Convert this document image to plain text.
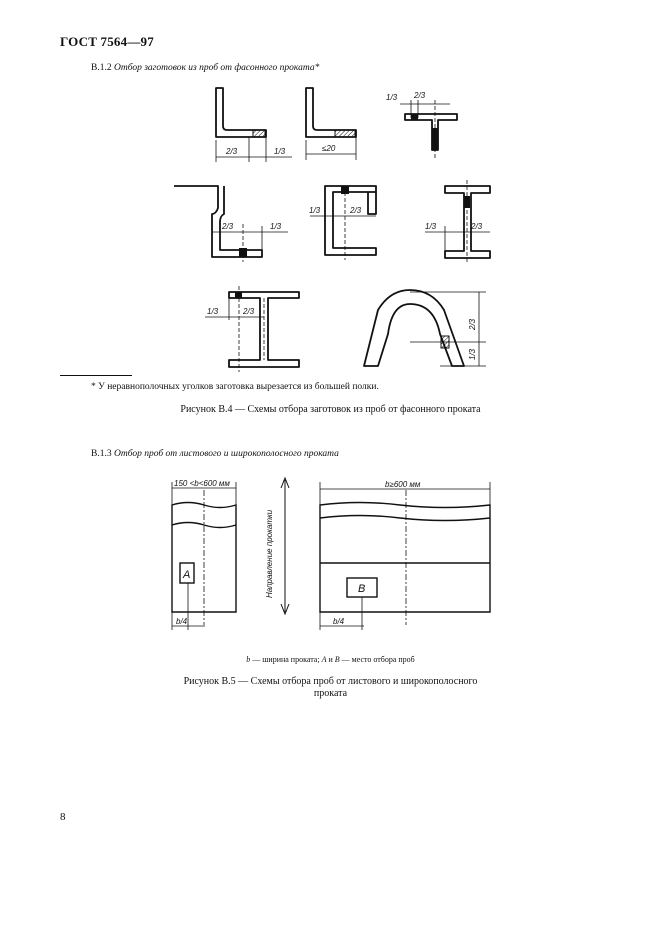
ГОСТ 7564—97
В.1.2 Отбор заготовок из проб от фасонного проката*
2/3	1/3	≤20
1/3 2/3
2/3	1/3
1/3	2/3
1/3	2/3
1/3	2/3
2/3
1/3
* У неравнополочных уголков заготовка вырезается из большей полки.
Рисунок В.4 — Схемы отбора заготовок из проб от фасонного проката
В.1.3 Отбор проб от листового и широкополосного проката
150 <b<600 мм	b≥600 мм
Направление прокатки
A
B
b/4	b/4
b — ширина проката; A и B — место отбора проб
Рисунок В.5 — Схемы отбора проб от листового и широкополосного
проката
8
